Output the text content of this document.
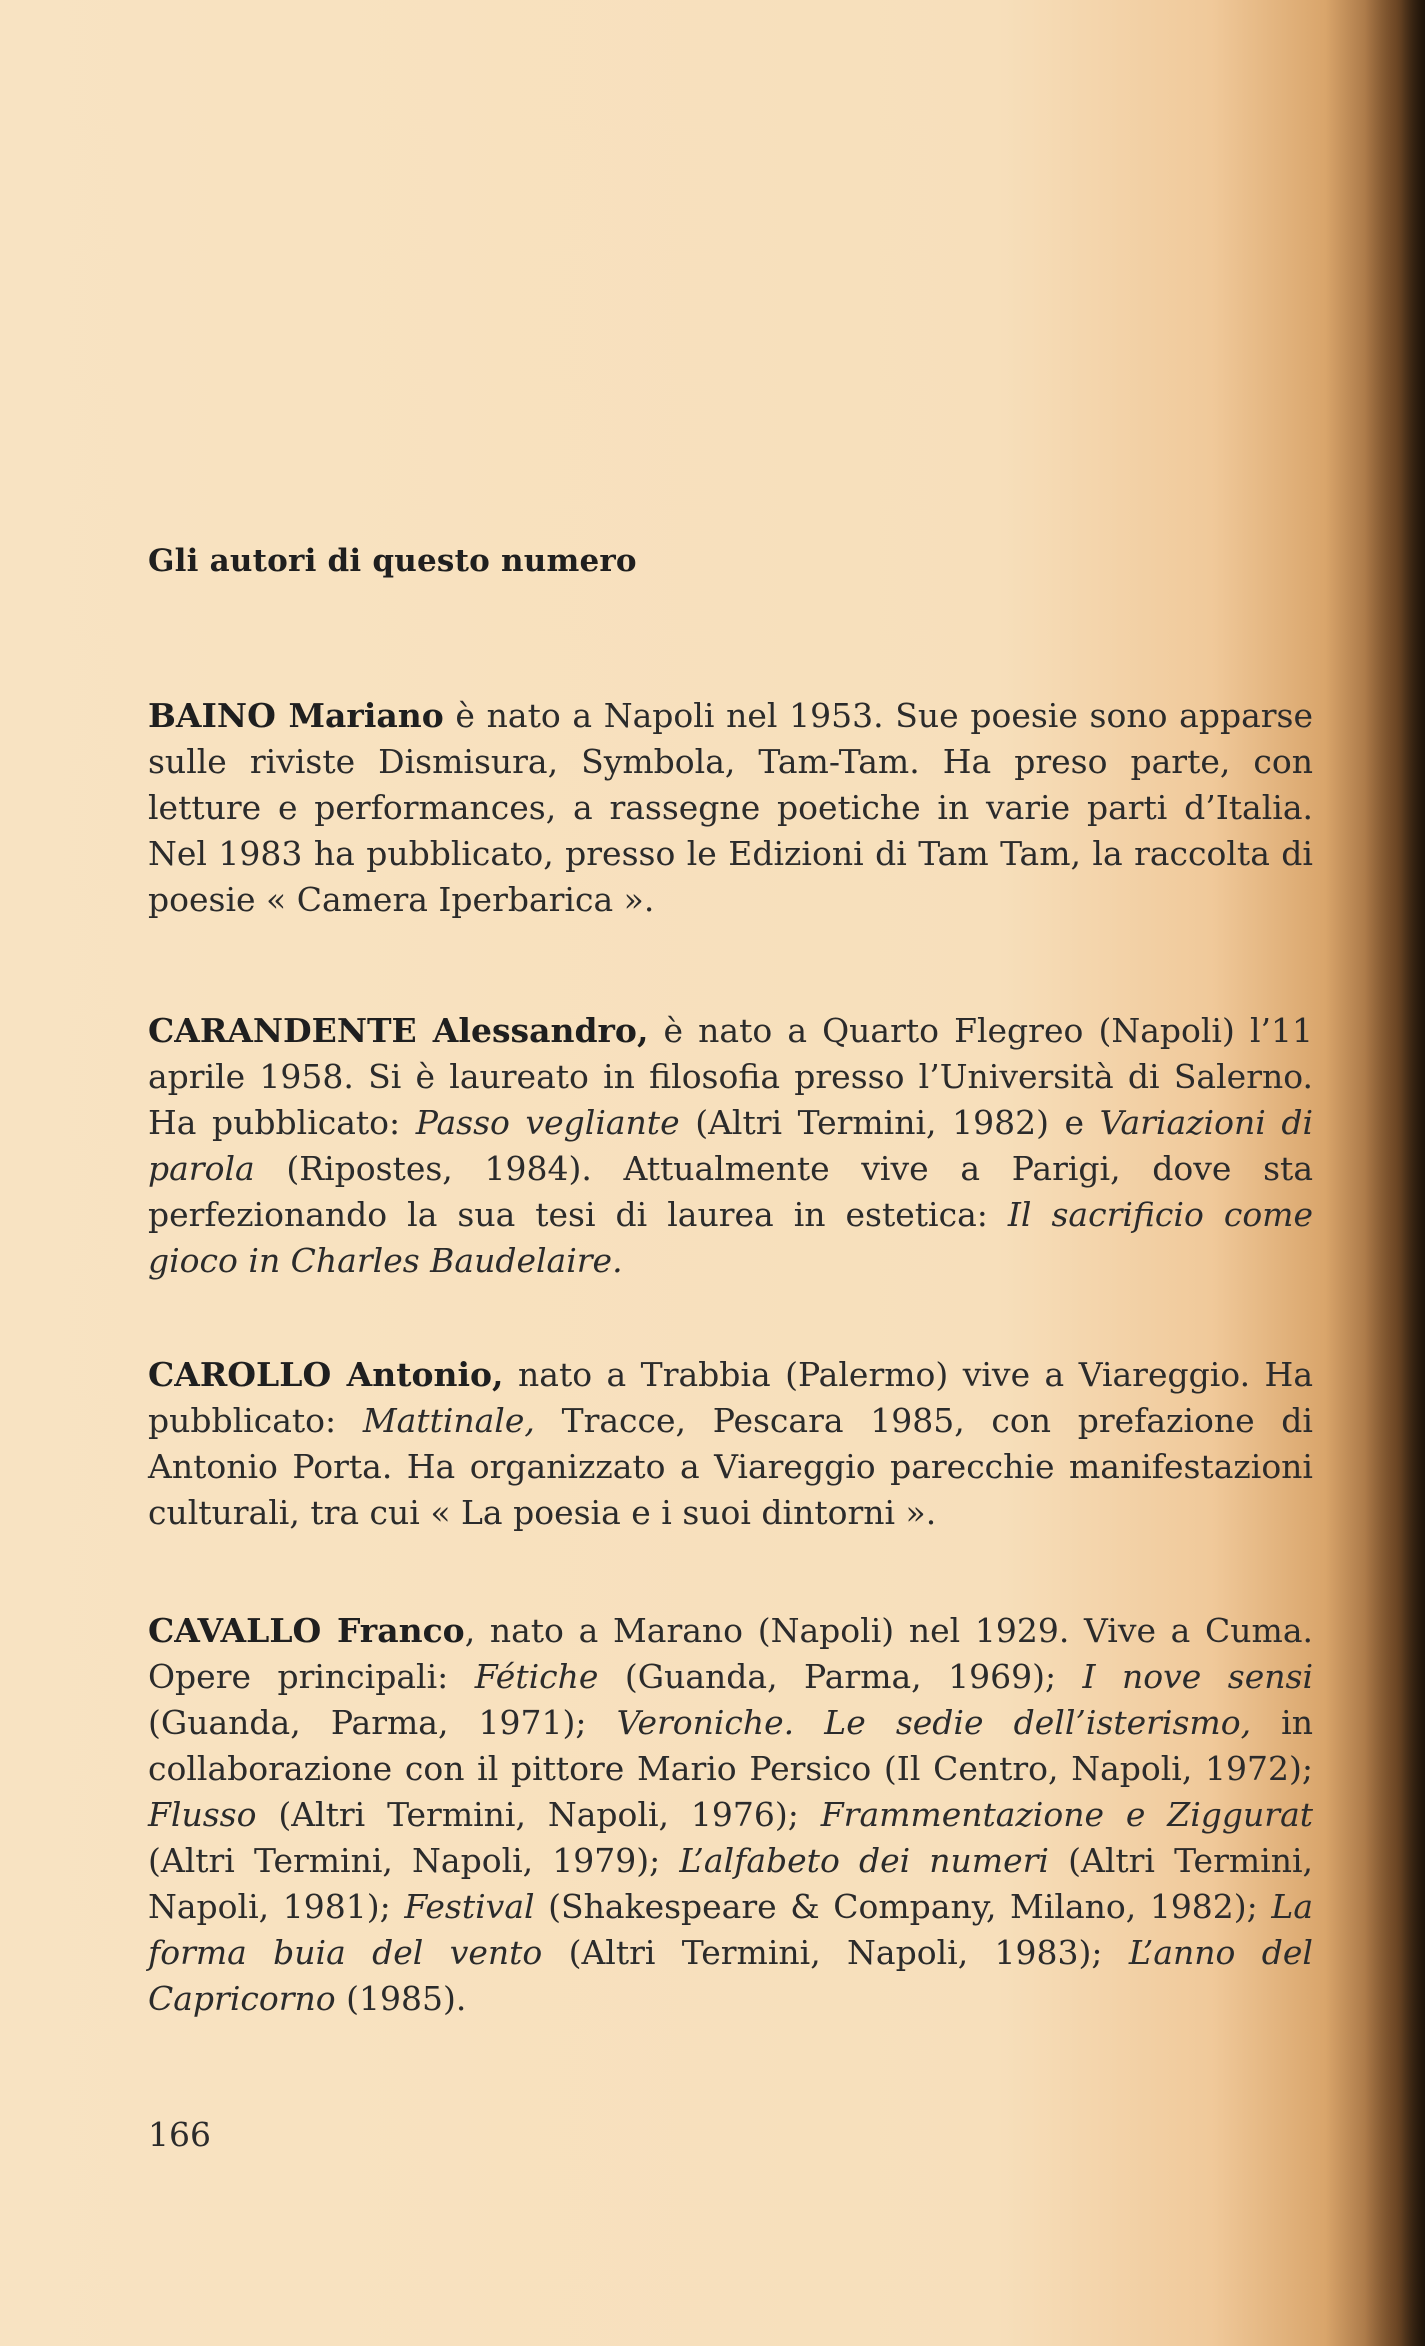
Gli autori di questo numero

BAINO Mariano è nato a Napoli nel 1953. Sue poesie sono apparse sulle riviste Dismisura, Symbola, Tam-Tam. Ha preso parte, con letture e performances, a rassegne poetiche in varie parti d’Italia. Nel 1983 ha pubblicato, presso le Edizioni di Tam Tam, la raccolta di poesie « Camera Iperbarica ».

CARANDENTE Alessandro, è nato a Quarto Flegreo (Napoli) l’11 aprile 1958. Si è laureato in filosofia presso l’Università di Salerno. Ha pubblicato: Passo vegliante (Altri Termini, 1982) e Variazioni di parola (Ripostes, 1984). Attualmente vive a Parigi, dove sta perfezionando la sua tesi di laurea in estetica: Il sacrificio come gioco in Charles Baudelaire.

CAROLLO Antonio, nato a Trabbia (Palermo) vive a Viareggio. Ha pubblicato: Mattinale, Tracce, Pescara 1985, con prefazione di Antonio Porta. Ha organizzato a Viareggio parecchie manifestazioni culturali, tra cui « La poesia e i suoi dintorni ».

CAVALLO Franco, nato a Marano (Napoli) nel 1929. Vive a Cuma. Opere principali: Fétiche (Guanda, Parma, 1969); I nove sensi (Guanda, Parma, 1971); Veroniche. Le sedie dell’isterismo, in collaborazione con il pittore Mario Persico (Il Centro, Napoli, 1972); Flusso (Altri Termini, Napoli, 1976); Frammentazione e Ziggurat (Altri Termini, Napoli, 1979); L’alfabeto dei numeri (Altri Termini, Napoli, 1981); Festival (Shakespeare & Company, Milano, 1982); La forma buia del vento (Altri Termini, Napoli, 1983); L’anno del Capricorno (1985).

166
